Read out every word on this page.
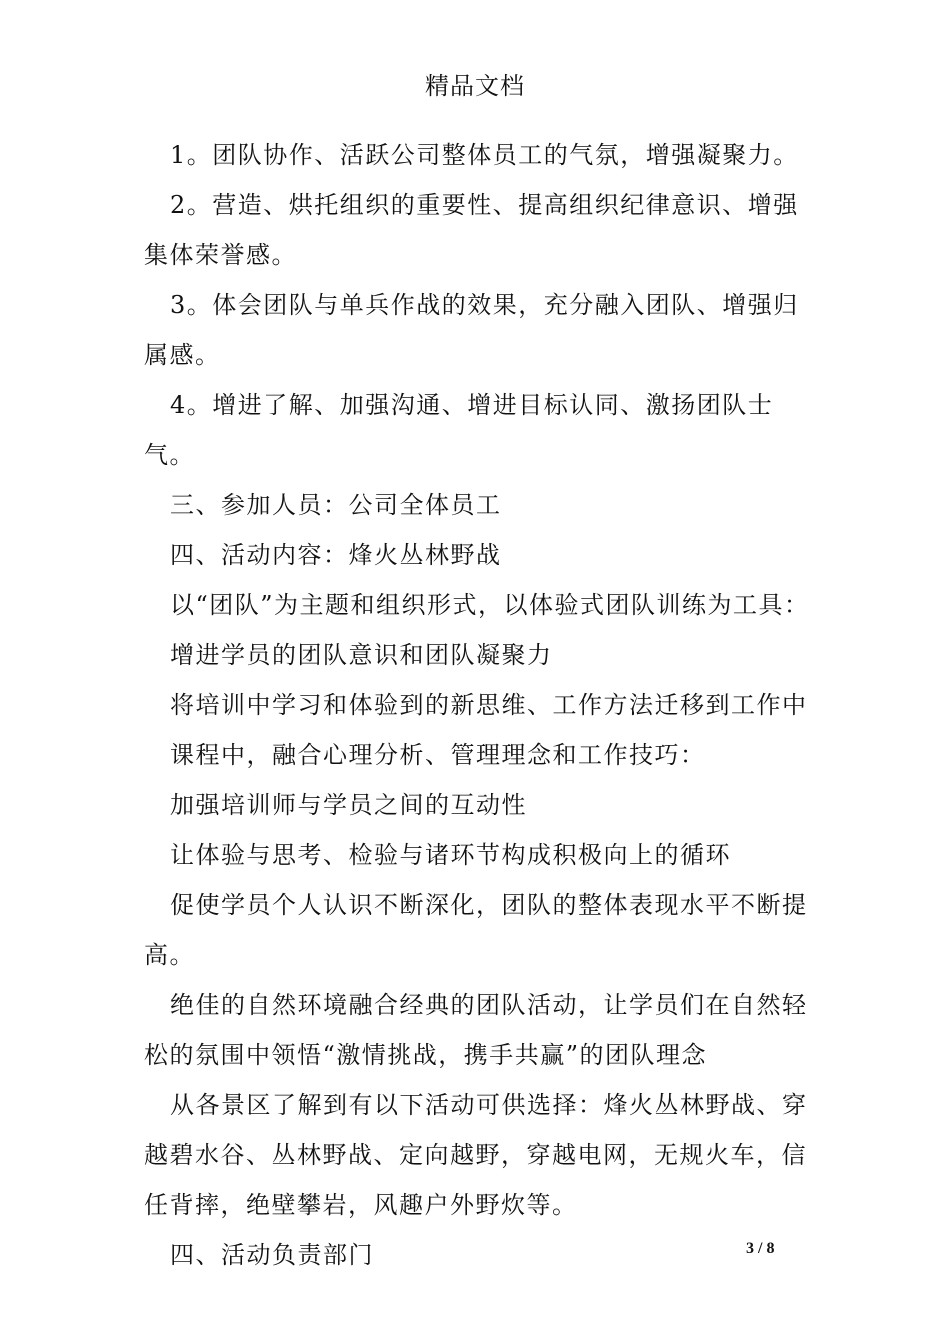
精品文档

1。团队协作、活跃公司整体员工的气氛，增强凝聚力。

2。营造、烘托组织的重要性、提高组织纪律意识、增强集体荣誉感。

3。体会团队与单兵作战的效果，充分融入团队、增强归属感。

4。增进了解、加强沟通、增进目标认同、激扬团队士气。

三、参加人员：公司全体员工

四、活动内容：烽火丛林野战

以“团队”为主题和组织形式，以体验式团队训练为工具：

增进学员的团队意识和团队凝聚力

将培训中学习和体验到的新思维、工作方法迁移到工作中

课程中，融合心理分析、管理理念和工作技巧：

加强培训师与学员之间的互动性

让体验与思考、检验与诸环节构成积极向上的循环

促使学员个人认识不断深化，团队的整体表现水平不断提高。

绝佳的自然环境融合经典的团队活动，让学员们在自然轻松的氛围中领悟“激情挑战，携手共赢”的团队理念

从各景区了解到有以下活动可供选择：烽火丛林野战、穿越碧水谷、丛林野战、定向越野，穿越电网，无规火车，信任背摔，绝壁攀岩，风趣户外野炊等。

四、活动负责部门	3 / 8
